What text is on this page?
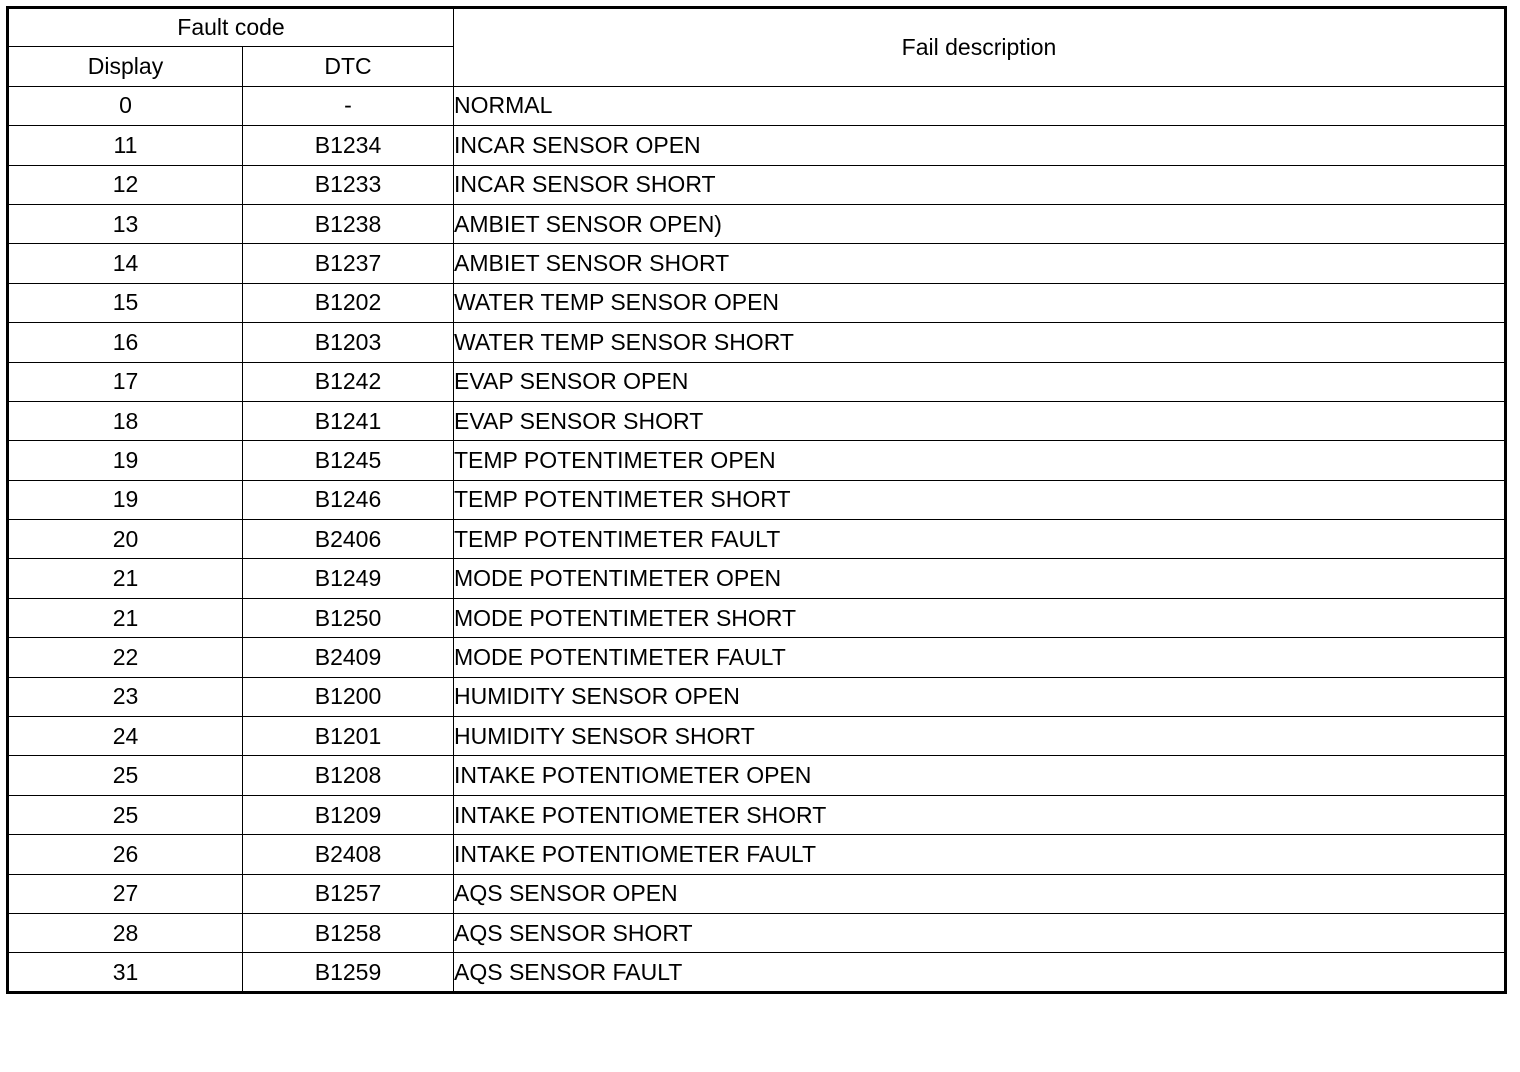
Fault code		Fail description
Display	DTC	
0	-	NORMAL
11	B1234	INCAR SENSOR OPEN
12	B1233	INCAR SENSOR SHORT
13	B1238	AMBIET SENSOR OPEN)
14	B1237	AMBIET SENSOR SHORT
15	B1202	WATER TEMP SENSOR OPEN
16	B1203	WATER TEMP SENSOR SHORT
17	B1242	EVAP SENSOR OPEN
18	B1241	EVAP SENSOR SHORT
19	B1245	TEMP POTENTIMETER OPEN
19	B1246	TEMP POTENTIMETER SHORT
20	B2406	TEMP POTENTIMETER FAULT
21	B1249	MODE POTENTIMETER OPEN
21	B1250	MODE POTENTIMETER SHORT
22	B2409	MODE POTENTIMETER FAULT
23	B1200	HUMIDITY SENSOR OPEN
24	B1201	HUMIDITY SENSOR SHORT
25	B1208	INTAKE POTENTIOMETER OPEN
25	B1209	INTAKE POTENTIOMETER SHORT
26	B2408	INTAKE POTENTIOMETER FAULT
27	B1257	AQS SENSOR OPEN
28	B1258	AQS SENSOR SHORT
31	B1259	AQS SENSOR FAULT
